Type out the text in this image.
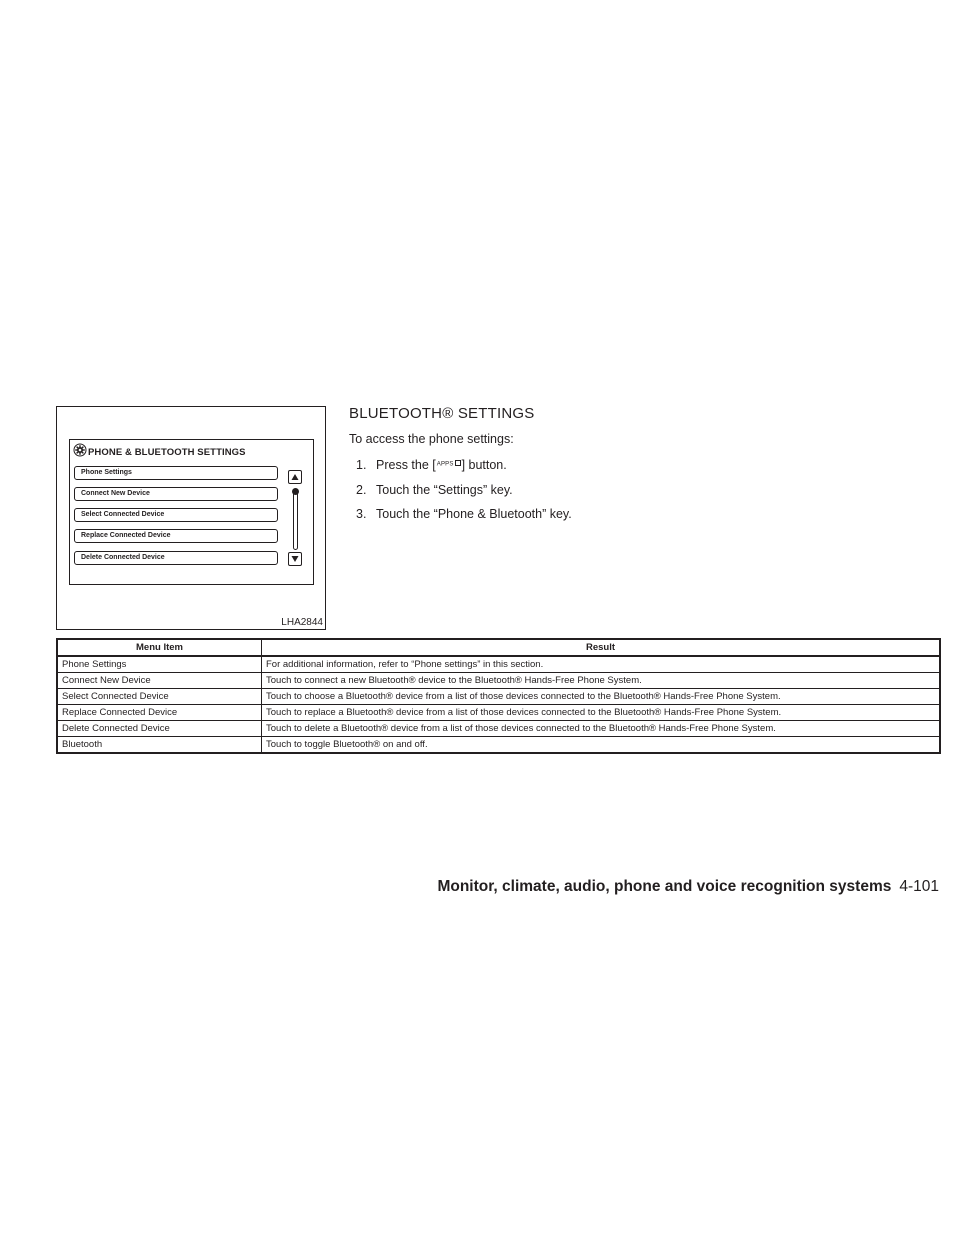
PHONE & BLUETOOTH SETTINGS
Phone Settings
Connect New Device
Select Connected Device
Replace Connected Device
Delete Connected Device
LHA2844
BLUETOOTH® SETTINGS
To access the phone settings:
1. Press the [APPS ] button.
2. Touch the “Settings” key.
3. Touch the “Phone & Bluetooth” key.
Menu Item	Result
Phone Settings	For additional information, refer to “Phone settings” in this section.
Connect New Device	Touch to connect a new Bluetooth® device to the Bluetooth® Hands-Free Phone System.
Select Connected Device	Touch to choose a Bluetooth® device from a list of those devices connected to the Bluetooth® Hands-Free Phone System.
Replace Connected Device	Touch to replace a Bluetooth® device from a list of those devices connected to the Bluetooth® Hands-Free Phone System.
Delete Connected Device	Touch to delete a Bluetooth® device from a list of those devices connected to the Bluetooth® Hands-Free Phone System.
Bluetooth	Touch to toggle Bluetooth® on and off.
Monitor, climate, audio, phone and voice recognition systems 4-101
